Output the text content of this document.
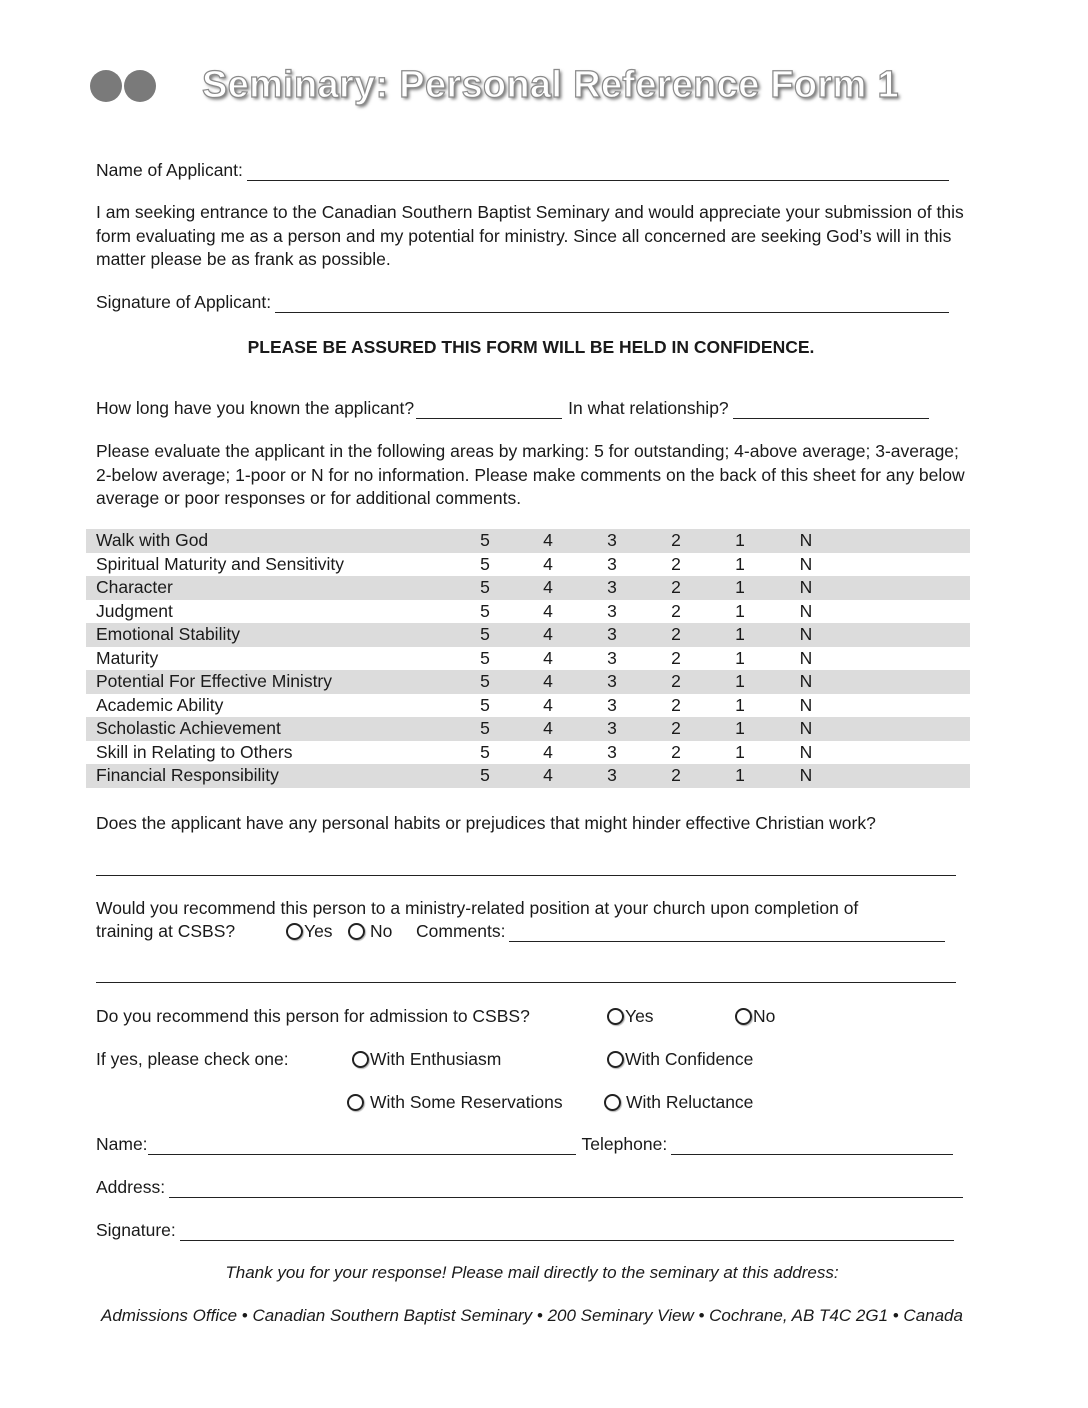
Seminary: Personal Reference Form 1
Name of Applicant:
I am seeking entrance to the Canadian Southern Baptist Seminary and would appreciate your submission of this form evaluating me as a person and my potential for ministry. Since all concerned are seeking God’s will in this matter please be as frank as possible.
Signature of Applicant:
PLEASE BE ASSURED THIS FORM WILL BE HELD IN CONFIDENCE.
How long have you known the applicant?	In what relationship?
Please evaluate the applicant in the following areas by marking: 5 for outstanding; 4-above average; 3-average; 2-below average; 1-poor or N for no information. Please make comments on the back of this sheet for any below average or poor responses or for additional comments.
Walk with God	5	4	3	2	1	N
Spiritual Maturity and Sensitivity	5	4	3	2	1	N
Character	5	4	3	2	1	N
Judgment	5	4	3	2	1	N
Emotional Stability	5	4	3	2	1	N
Maturity	5	4	3	2	1	N
Potential For Effective Ministry	5	4	3	2	1	N
Academic Ability	5	4	3	2	1	N
Scholastic Achievement	5	4	3	2	1	N
Skill in Relating to Others	5	4	3	2	1	N
Financial Responsibility	5	4	3	2	1	N
Does the applicant have any personal habits or prejudices that might hinder effective Christian work?
Would you recommend this person to a ministry-related position at your church upon completion of
training at CSBS?	Yes	No Comments:
Do you recommend this person for admission to CSBS?	Yes	No
If yes, please check one:	With Enthusiasm	With Confidence
With Some Reservations	With Reluctance
Name:	Telephone:
Address:
Signature:
Thank you for your response! Please mail directly to the seminary at this address:
Admissions Office • Canadian Southern Baptist Seminary • 200 Seminary View • Cochrane, AB T4C 2G1 • Canada
